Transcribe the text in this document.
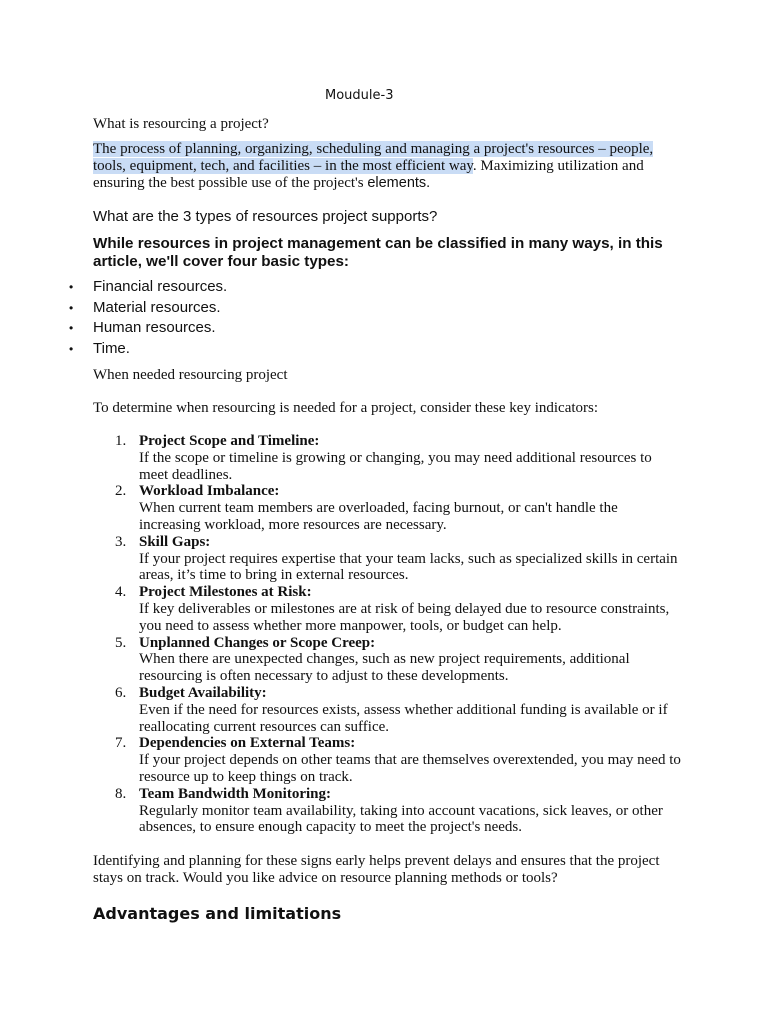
Moudule-3
What is resourcing a project?
The process of planning, organizing, scheduling and managing a project's resources – people, tools, equipment, tech, and facilities – in the most efficient way. Maximizing utilization and ensuring the best possible use of the project's elements.
What are the 3 types of resources project supports?
While resources in project management can be classified in many ways, in this article, we'll cover four basic types:
• Financial resources.
• Material resources.
• Human resources.
• Time.
When needed resourcing project
To determine when resourcing is needed for a project, consider these key indicators:
1. Project Scope and Timeline:
If the scope or timeline is growing or changing, you may need additional resources to meet deadlines.
2. Workload Imbalance:
When current team members are overloaded, facing burnout, or can't handle the increasing workload, more resources are necessary.
3. Skill Gaps:
If your project requires expertise that your team lacks, such as specialized skills in certain areas, it’s time to bring in external resources.
4. Project Milestones at Risk:
If key deliverables or milestones are at risk of being delayed due to resource constraints, you need to assess whether more manpower, tools, or budget can help.
5. Unplanned Changes or Scope Creep:
When there are unexpected changes, such as new project requirements, additional resourcing is often necessary to adjust to these developments.
6. Budget Availability:
Even if the need for resources exists, assess whether additional funding is available or if reallocating current resources can suffice.
7. Dependencies on External Teams:
If your project depends on other teams that are themselves overextended, you may need to resource up to keep things on track.
8. Team Bandwidth Monitoring:
Regularly monitor team availability, taking into account vacations, sick leaves, or other absences, to ensure enough capacity to meet the project's needs.
Identifying and planning for these signs early helps prevent delays and ensures that the project stays on track. Would you like advice on resource planning methods or tools?
Advantages and limitations
